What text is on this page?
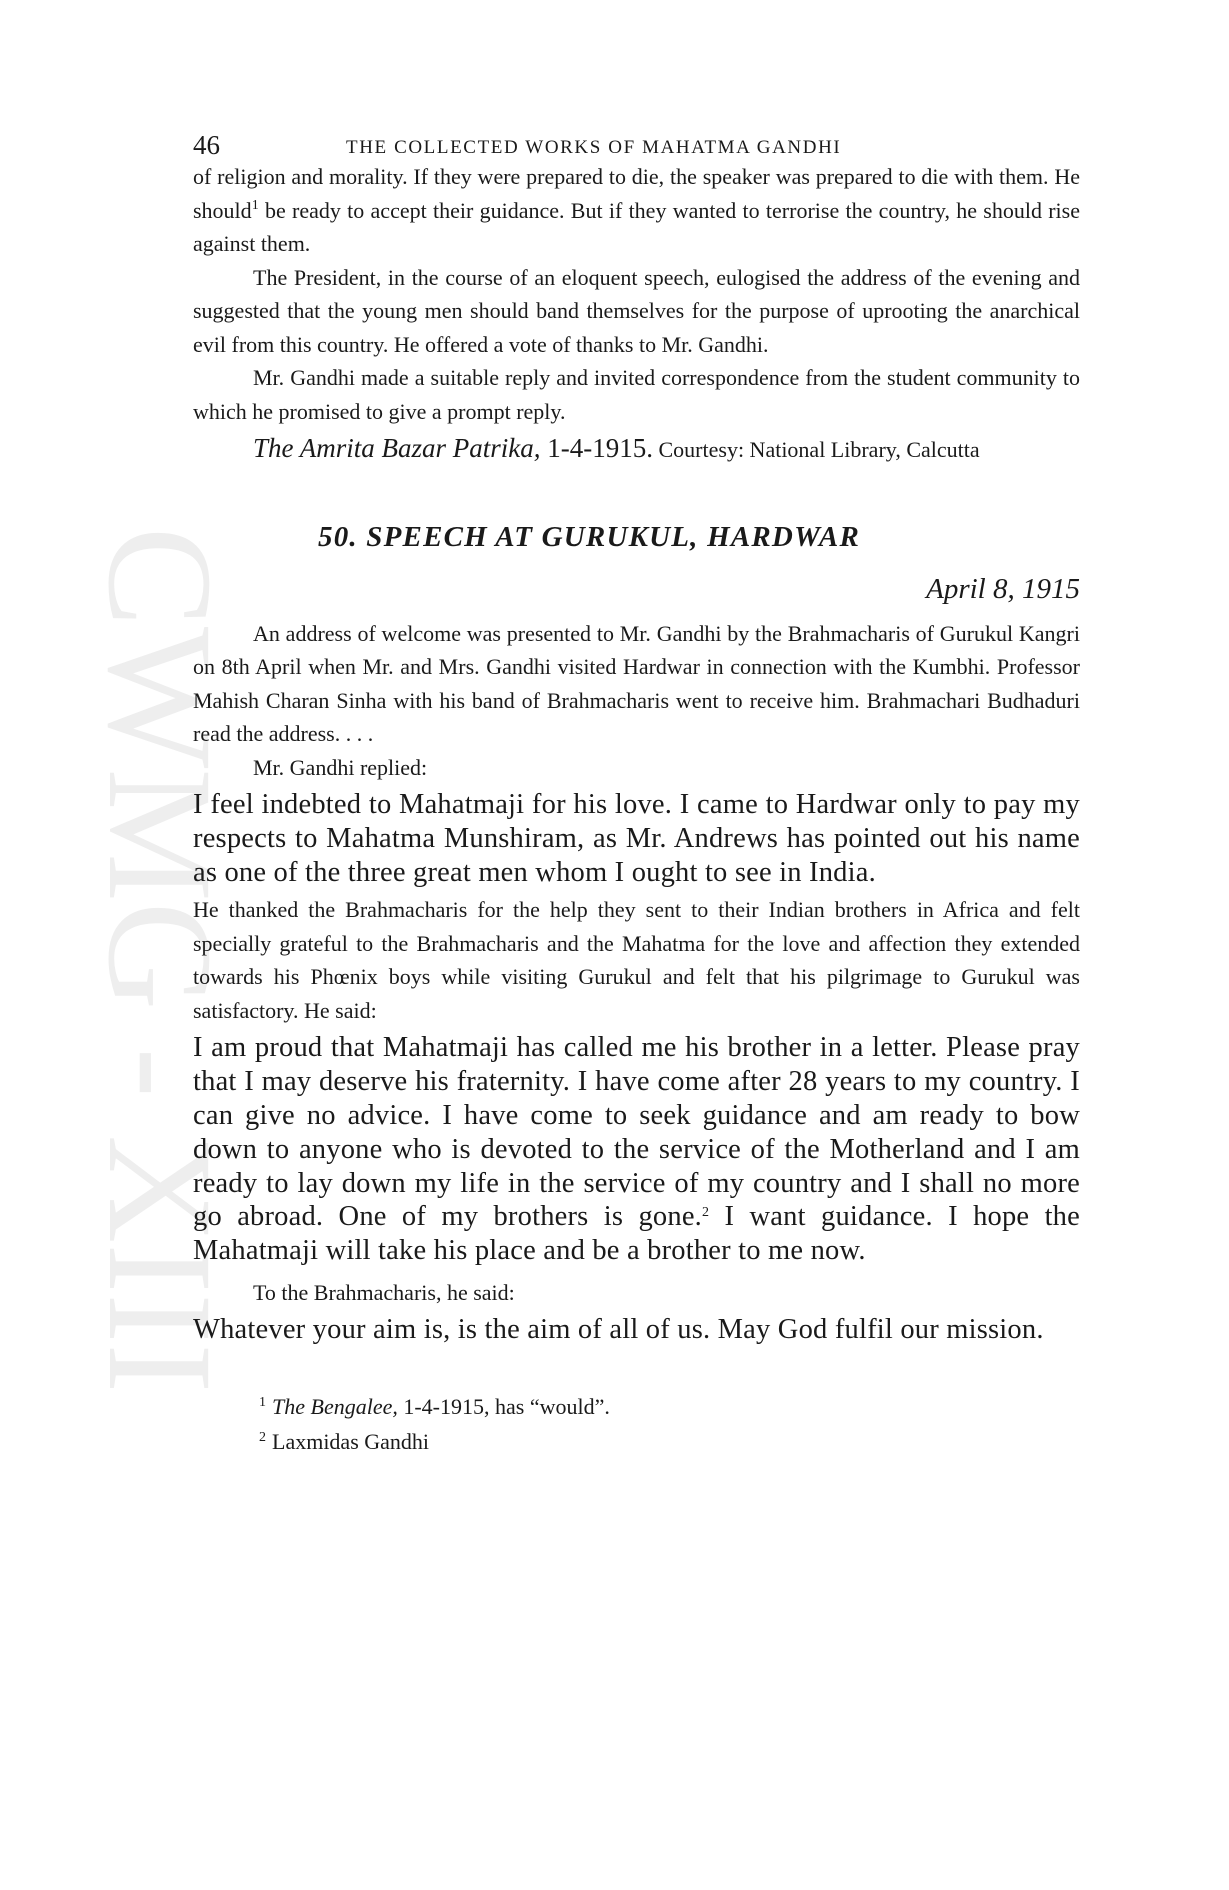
CWMG - XIII
46	THE COLLECTED WORKS OF MAHATMA GANDHI

of religion and morality. If they were prepared to die, the speaker was prepared to die with them. He should$^1$ be ready to accept their guidance. But if they wanted to terrorise the country, he should rise against them.

The President, in the course of an eloquent speech, eulogised the address of the evening and suggested that the young men should band themselves for the purpose of uprooting the anarchical evil from this country. He offered a vote of thanks to Mr. Gandhi.

Mr. Gandhi made a suitable reply and invited correspondence from the student community to which he promised to give a prompt reply.

The Amrita Bazar Patrika, 1-4-1915. Courtesy: National Library, Calcutta

50. SPEECH AT GURUKUL, HARDWAR

April 8, 1915

An address of welcome was presented to Mr. Gandhi by the Brahmacharis of Gurukul Kangri on 8th April when Mr. and Mrs. Gandhi visited Hardwar in connection with the Kumbhi. Professor Mahish Charan Sinha with his band of Brahmacharis went to receive him. Brahmachari Budhaduri read the address. . . .

Mr. Gandhi replied:

I feel indebted to Mahatmaji for his love. I came to Hardwar only to pay my respects to Mahatma Munshiram, as Mr. Andrews has pointed out his name as one of the three great men whom I ought to see in India.

He thanked the Brahmacharis for the help they sent to their Indian brothers in Africa and felt specially grateful to the Brahmacharis and the Mahatma for the love and affection they extended towards his Phœnix boys while visiting Gurukul and felt that his pilgrimage to Gurukul was satisfactory. He said:

I am proud that Mahatmaji has called me his brother in a letter. Please pray that I may deserve his fraternity. I have come after 28 years to my country. I can give no advice. I have come to seek guidance and am ready to bow down to anyone who is devoted to the service of the Motherland and I am ready to lay down my life in the service of my country and I shall no more go abroad. One of my brothers is gone.$^2$ I want guidance. I hope the Mahatmaji will take his place and be a brother to me now.

To the Brahmacharis, he said:

Whatever your aim is, is the aim of all of us. May God fulfil our mission.

$^1$ The Bengalee, 1-4-1915, has “would”.

$^2$ Laxmidas Gandhi
